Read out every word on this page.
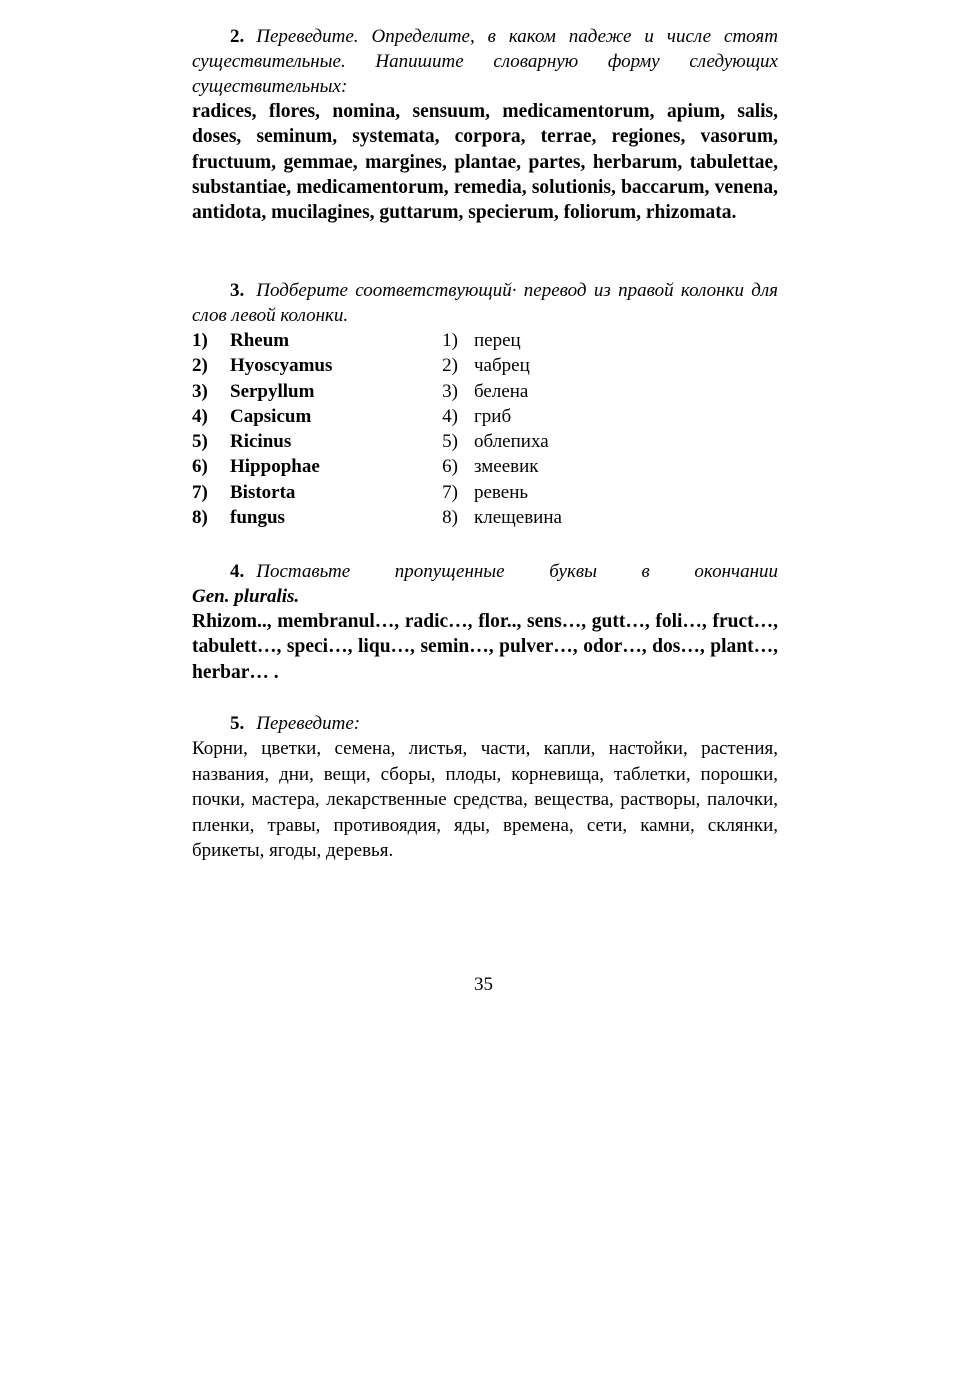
2. Переведите. Определите, в каком падеже и числе стоят существительные. Напишите словарную форму следующих существительных:

radices, flores, nomina, sensuum, medicamentorum, apium, salis, doses, seminum, systemata, corpora, terrae, regiones, vasorum, fructuum, gemmae, margines, plantae, partes, herbarum, tabulettae, substantiae, medicamentorum, remedia, solutionis, baccarum, venena, antidota, mucilagines, guttarum, specierum, foliorum, rhizomata.

3. Подберите соответствующий· перевод из правой колонки для слов левой колонки.
1)	Rheum	1) перец
2)	Hyoscyamus	2) чабрец
3)	Serpyllum	3) белена
4)	Capsicum	4) гриб
5)	Ricinus	5) облепиха
6)	Hippophae	6) змеевик
7)	Bistorta	7) ревень
8)	fungus	8) клещевина
4. Поставьте пропущенные буквы в окончании
Gen. pluralis.

Rhizom.., membranul…, radic…, flor.., sens…, gutt…, foli…, fruct…, tabulett…, speci…, liqu…, semin…, pulver…, odor…, dos…, plant…, herbar… .

5. Переведите:

Корни, цветки, семена, листья, части, капли, настойки, растения, названия, дни, вещи, сборы, плоды, корневища, таблетки, порошки, почки, мастера, лекарственные средства, вещества, растворы, палочки, пленки, травы, противоядия, яды, времена, сети, камни, склянки, брикеты, ягоды, деревья.

35
